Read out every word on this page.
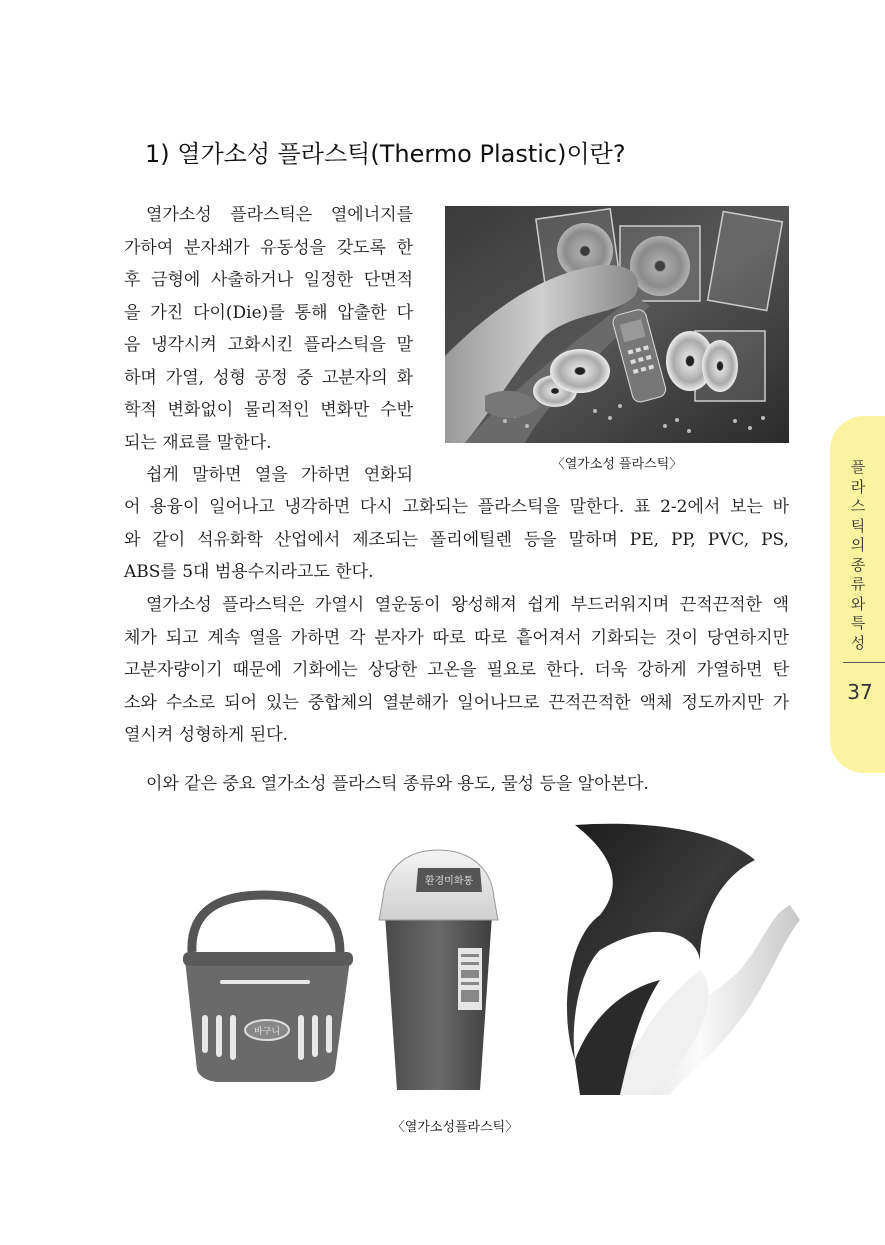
1) 열가소성 플라스틱(Thermo Plastic)이란?
열가소성 플라스틱은 열에너지를
가하여 분자쇄가 유동성을 갖도록 한
후 금형에 사출하거나 일정한 단면적
을 가진 다이(Die)를 통해 압출한 다
음 냉각시켜 고화시킨 플라스틱을 말
하며 가열, 성형 공정 중 고분자의 화
학적 변화없이 물리적인 변화만 수반
되는 재료를 말한다.
쉽게 말하면 열을 가하면 연화되
〈열가소성 플라스틱〉
어 용융이 일어나고 냉각하면 다시 고화되는 플라스틱을 말한다. 표 2-2에서 보는 바
와 같이 석유화학 산업에서 제조되는 폴리에틸렌 등을 말하며 PE, PP, PVC, PS,
ABS를 5대 범용수지라고도 한다.
열가소성 플라스틱은 가열시 열운동이 왕성해져 쉽게 부드러워지며 끈적끈적한 액
체가 되고 계속 열을 가하면 각 분자가 따로 따로 흩어져서 기화되는 것이 당연하지만
고분자량이기 때문에 기화에는 상당한 고온을 필요로 한다. 더욱 강하게 가열하면 탄
소와 수소로 되어 있는 중합체의 열분해가 일어나므로 끈적끈적한 액체 정도까지만 가
열시켜 성형하게 된다.
이와 같은 중요 열가소성 플라스틱 종류와 용도, 물성 등을 알아본다.
플라스틱의 종류와 특성
37
바구니
환경미화통
〈열가소성플라스틱〉
